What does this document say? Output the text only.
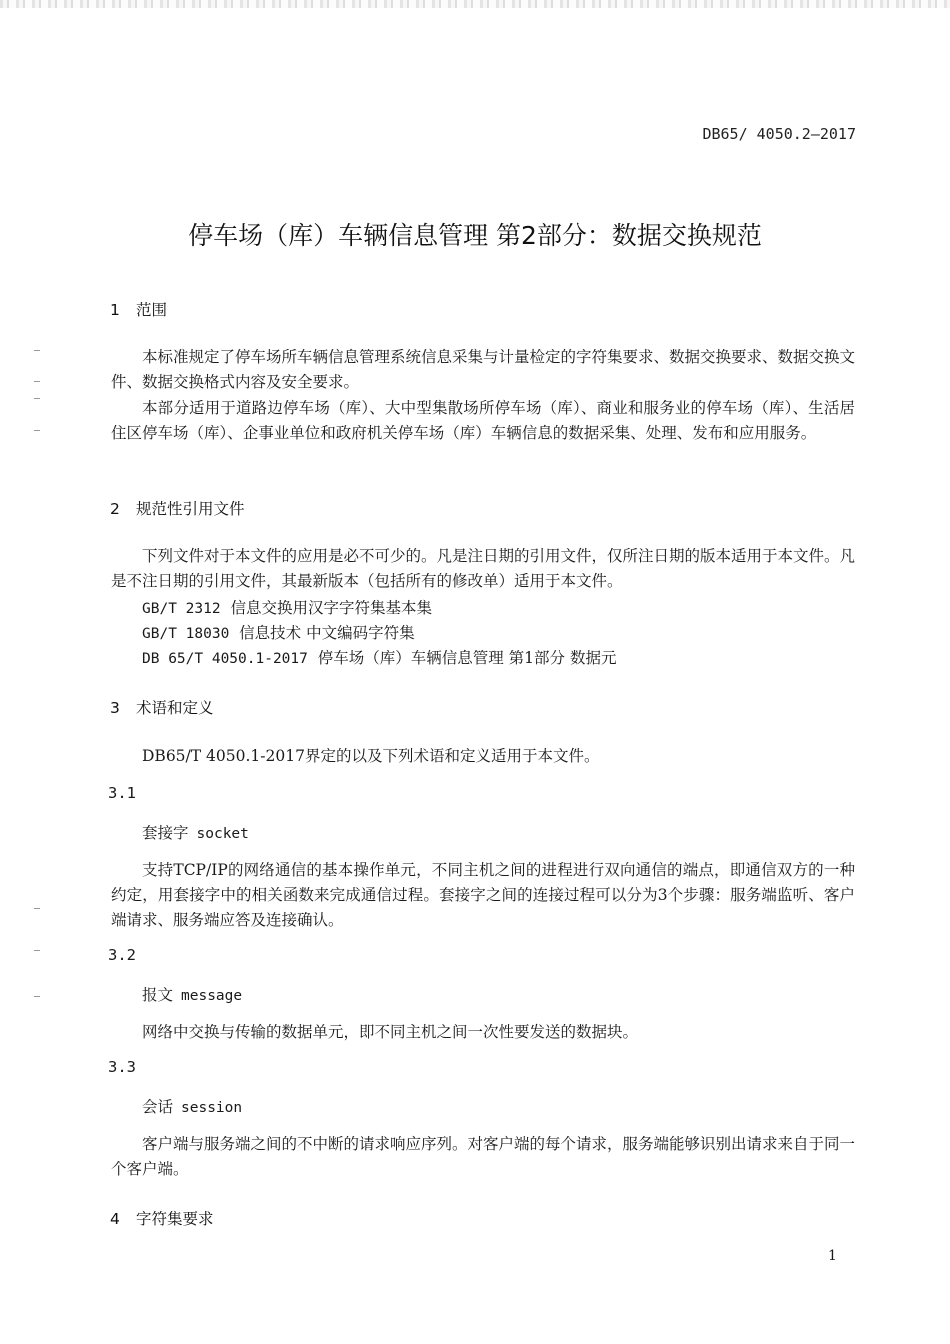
DB65/ 4050.2—2017
停车场（库）车辆信息管理 第2部分：数据交换规范
1 范围
本标准规定了停车场所车辆信息管理系统信息采集与计量检定的字符集要求、数据交换要求、数据交换文件、数据交换格式内容及安全要求。
本部分适用于道路边停车场（库）、大中型集散场所停车场（库）、商业和服务业的停车场（库）、生活居住区停车场（库）、企事业单位和政府机关停车场（库）车辆信息的数据采集、处理、发布和应用服务。
2 规范性引用文件
下列文件对于本文件的应用是必不可少的。凡是注日期的引用文件，仅所注日期的版本适用于本文件。凡是不注日期的引用文件，其最新版本（包括所有的修改单）适用于本文件。
GB/T 2312 信息交换用汉字字符集基本集
GB/T 18030 信息技术 中文编码字符集
DB 65/T 4050.1-2017 停车场（库）车辆信息管理 第1部分 数据元
3 术语和定义
DB65/T 4050.1-2017界定的以及下列术语和定义适用于本文件。
3.1
套接字 socket
支持TCP/IP的网络通信的基本操作单元，不同主机之间的进程进行双向通信的端点，即通信双方的一种约定，用套接字中的相关函数来完成通信过程。套接字之间的连接过程可以分为3个步骤：服务端监听、客户端请求、服务端应答及连接确认。
3.2
报文 message
网络中交换与传输的数据单元，即不同主机之间一次性要发送的数据块。
3.3
会话 session
客户端与服务端之间的不中断的请求响应序列。对客户端的每个请求，服务端能够识别出请求来自于同一个客户端。
4 字符集要求
1
